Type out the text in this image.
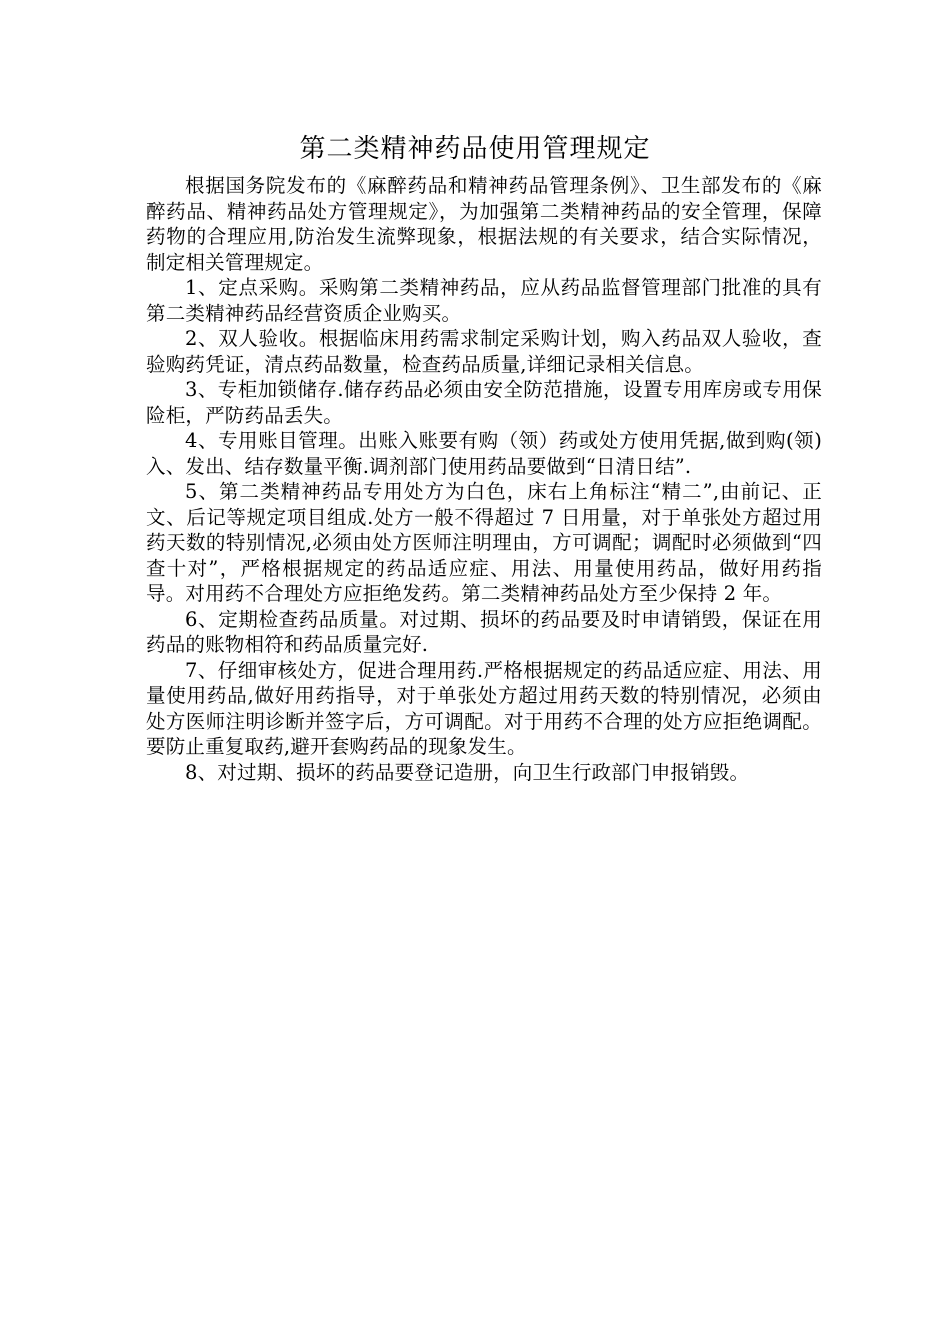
第二类精神药品使用管理规定

根据国务院发布的《麻醉药品和精神药品管理条例》、卫生部发布的《麻醉药品、精神药品处方管理规定》，为加强第二类精神药品的安全管理，保障药物的合理应用,防治发生流弊现象，根据法规的有关要求，结合实际情况，制定相关管理规定。

1、定点采购。采购第二类精神药品，应从药品监督管理部门批准的具有第二类精神药品经营资质企业购买。

2、双人验收。根据临床用药需求制定采购计划，购入药品双人验收，查验购药凭证，清点药品数量，检查药品质量,详细记录相关信息。

3、专柜加锁储存.储存药品必须由安全防范措施，设置专用库房或专用保险柜，严防药品丢失。

4、专用账目管理。出账入账要有购（领）药或处方使用凭据,做到购(领)入、发出、结存数量平衡.调剂部门使用药品要做到“日清日结”.

5、第二类精神药品专用处方为白色，床右上角标注“精二”,由前记、正文、后记等规定项目组成.处方一般不得超过 7 日用量，对于单张处方超过用药天数的特别情况,必须由处方医师注明理由，方可调配；调配时必须做到“四查十对”，严格根据规定的药品适应症、用法、用量使用药品，做好用药指导。对用药不合理处方应拒绝发药。第二类精神药品处方至少保持 2 年。

6、定期检查药品质量。对过期、损坏的药品要及时申请销毁，保证在用药品的账物相符和药品质量完好.

7、仔细审核处方，促进合理用药.严格根据规定的药品适应症、用法、用量使用药品,做好用药指导，对于单张处方超过用药天数的特别情况，必须由处方医师注明诊断并签字后，方可调配。对于用药不合理的处方应拒绝调配。要防止重复取药,避开套购药品的现象发生。

8、对过期、损坏的药品要登记造册，向卫生行政部门申报销毁。
